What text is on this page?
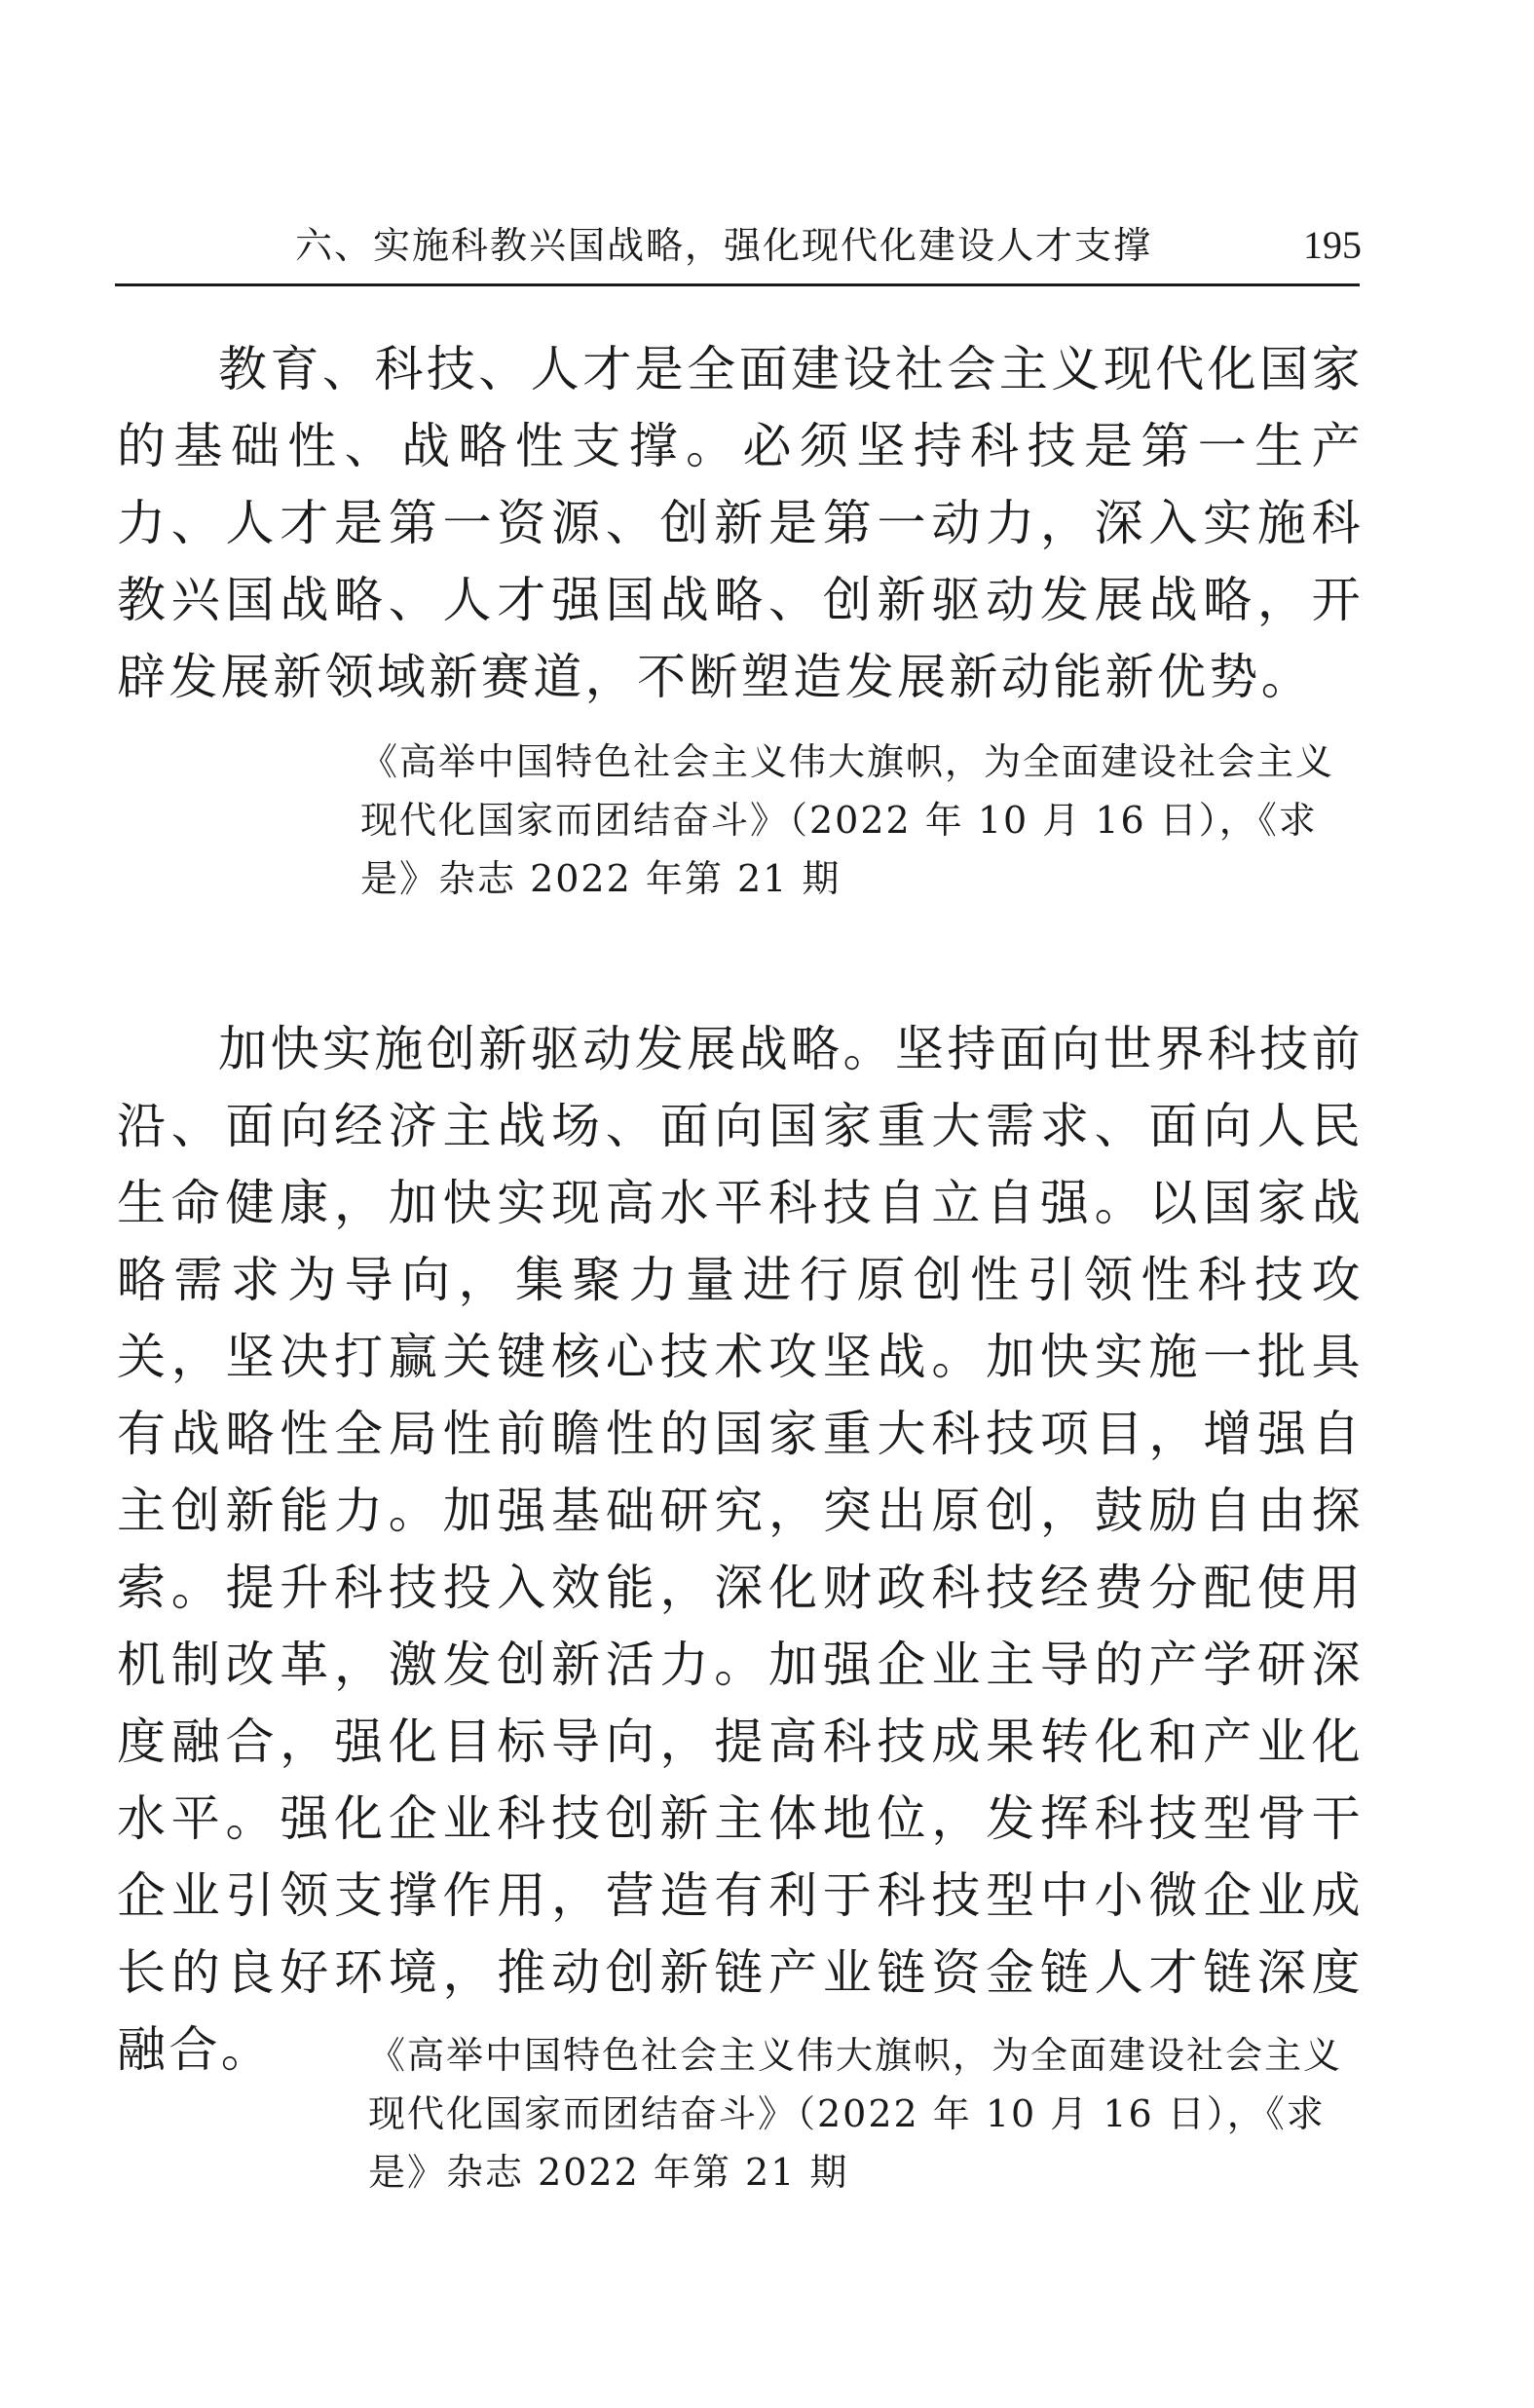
六、实施科教兴国战略，强化现代化建设人才支撑	195

教育、科技、人才是全面建设社会主义现代化国家的基础性、战略性支撑。必须坚持科技是第一生产力、人才是第一资源、创新是第一动力，深入实施科教兴国战略、人才强国战略、创新驱动发展战略，开辟发展新领域新赛道，不断塑造发展新动能新优势。

《高举中国特色社会主义伟大旗帜，为全面建设社会主义现代化国家而团结奋斗》（2022 年 10 月 16 日），《求是》杂志 2022 年第 21 期

加快实施创新驱动发展战略。坚持面向世界科技前沿、面向经济主战场、面向国家重大需求、面向人民生命健康，加快实现高水平科技自立自强。以国家战略需求为导向，集聚力量进行原创性引领性科技攻关，坚决打赢关键核心技术攻坚战。加快实施一批具有战略性全局性前瞻性的国家重大科技项目，增强自主创新能力。加强基础研究，突出原创，鼓励自由探索。提升科技投入效能，深化财政科技经费分配使用机制改革，激发创新活力。加强企业主导的产学研深度融合，强化目标导向，提高科技成果转化和产业化水平。强化企业科技创新主体地位，发挥科技型骨干企业引领支撑作用，营造有利于科技型中小微企业成长的良好环境，推动创新链产业链资金链人才链深度融合。	《高举中国特色社会主义伟大旗帜，为全面建设社会主义现代化国家而团结奋斗》（2022 年 10 月 16 日），《求是》杂志 2022 年第 21 期
